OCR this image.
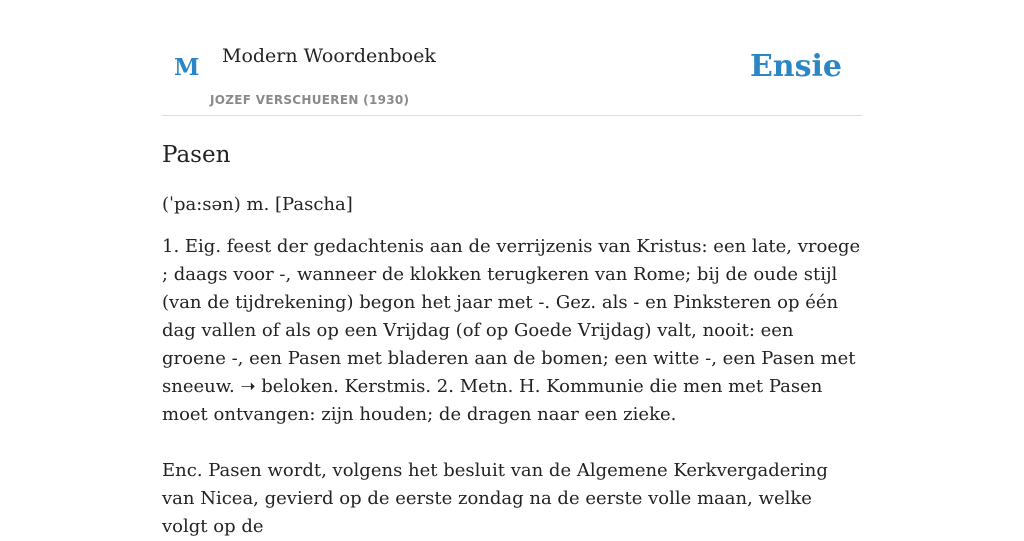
M Modern Woordenboek
JOZEF VERSCHUEREN (1930)
Ensie
Pasen

(ˈpa:sən) m. [Pascha]

1. Eig. feest der gedachtenis aan de verrijzenis van Kristus: een late, vroege ; daags voor -, wanneer de klokken terugkeren van Rome; bij de oude stijl (van de tijdrekening) begon het jaar met -. Gez. als - en Pinksteren op één dag vallen of als op een Vrijdag (of op Goede Vrijdag) valt, nooit: een groene -, een Pasen met bladeren aan de bomen; een witte -, een Pasen met sneeuw. ➝ beloken. Kerstmis. 2. Metn. H. Kommunie die men met Pasen moet ontvangen: zijn houden; de dragen naar een zieke.

Enc. Pasen wordt, volgens het besluit van de Algemene Kerkvergadering van Nicea, gevierd op de eerste zondag na de eerste volle maan, welke volgt op de
